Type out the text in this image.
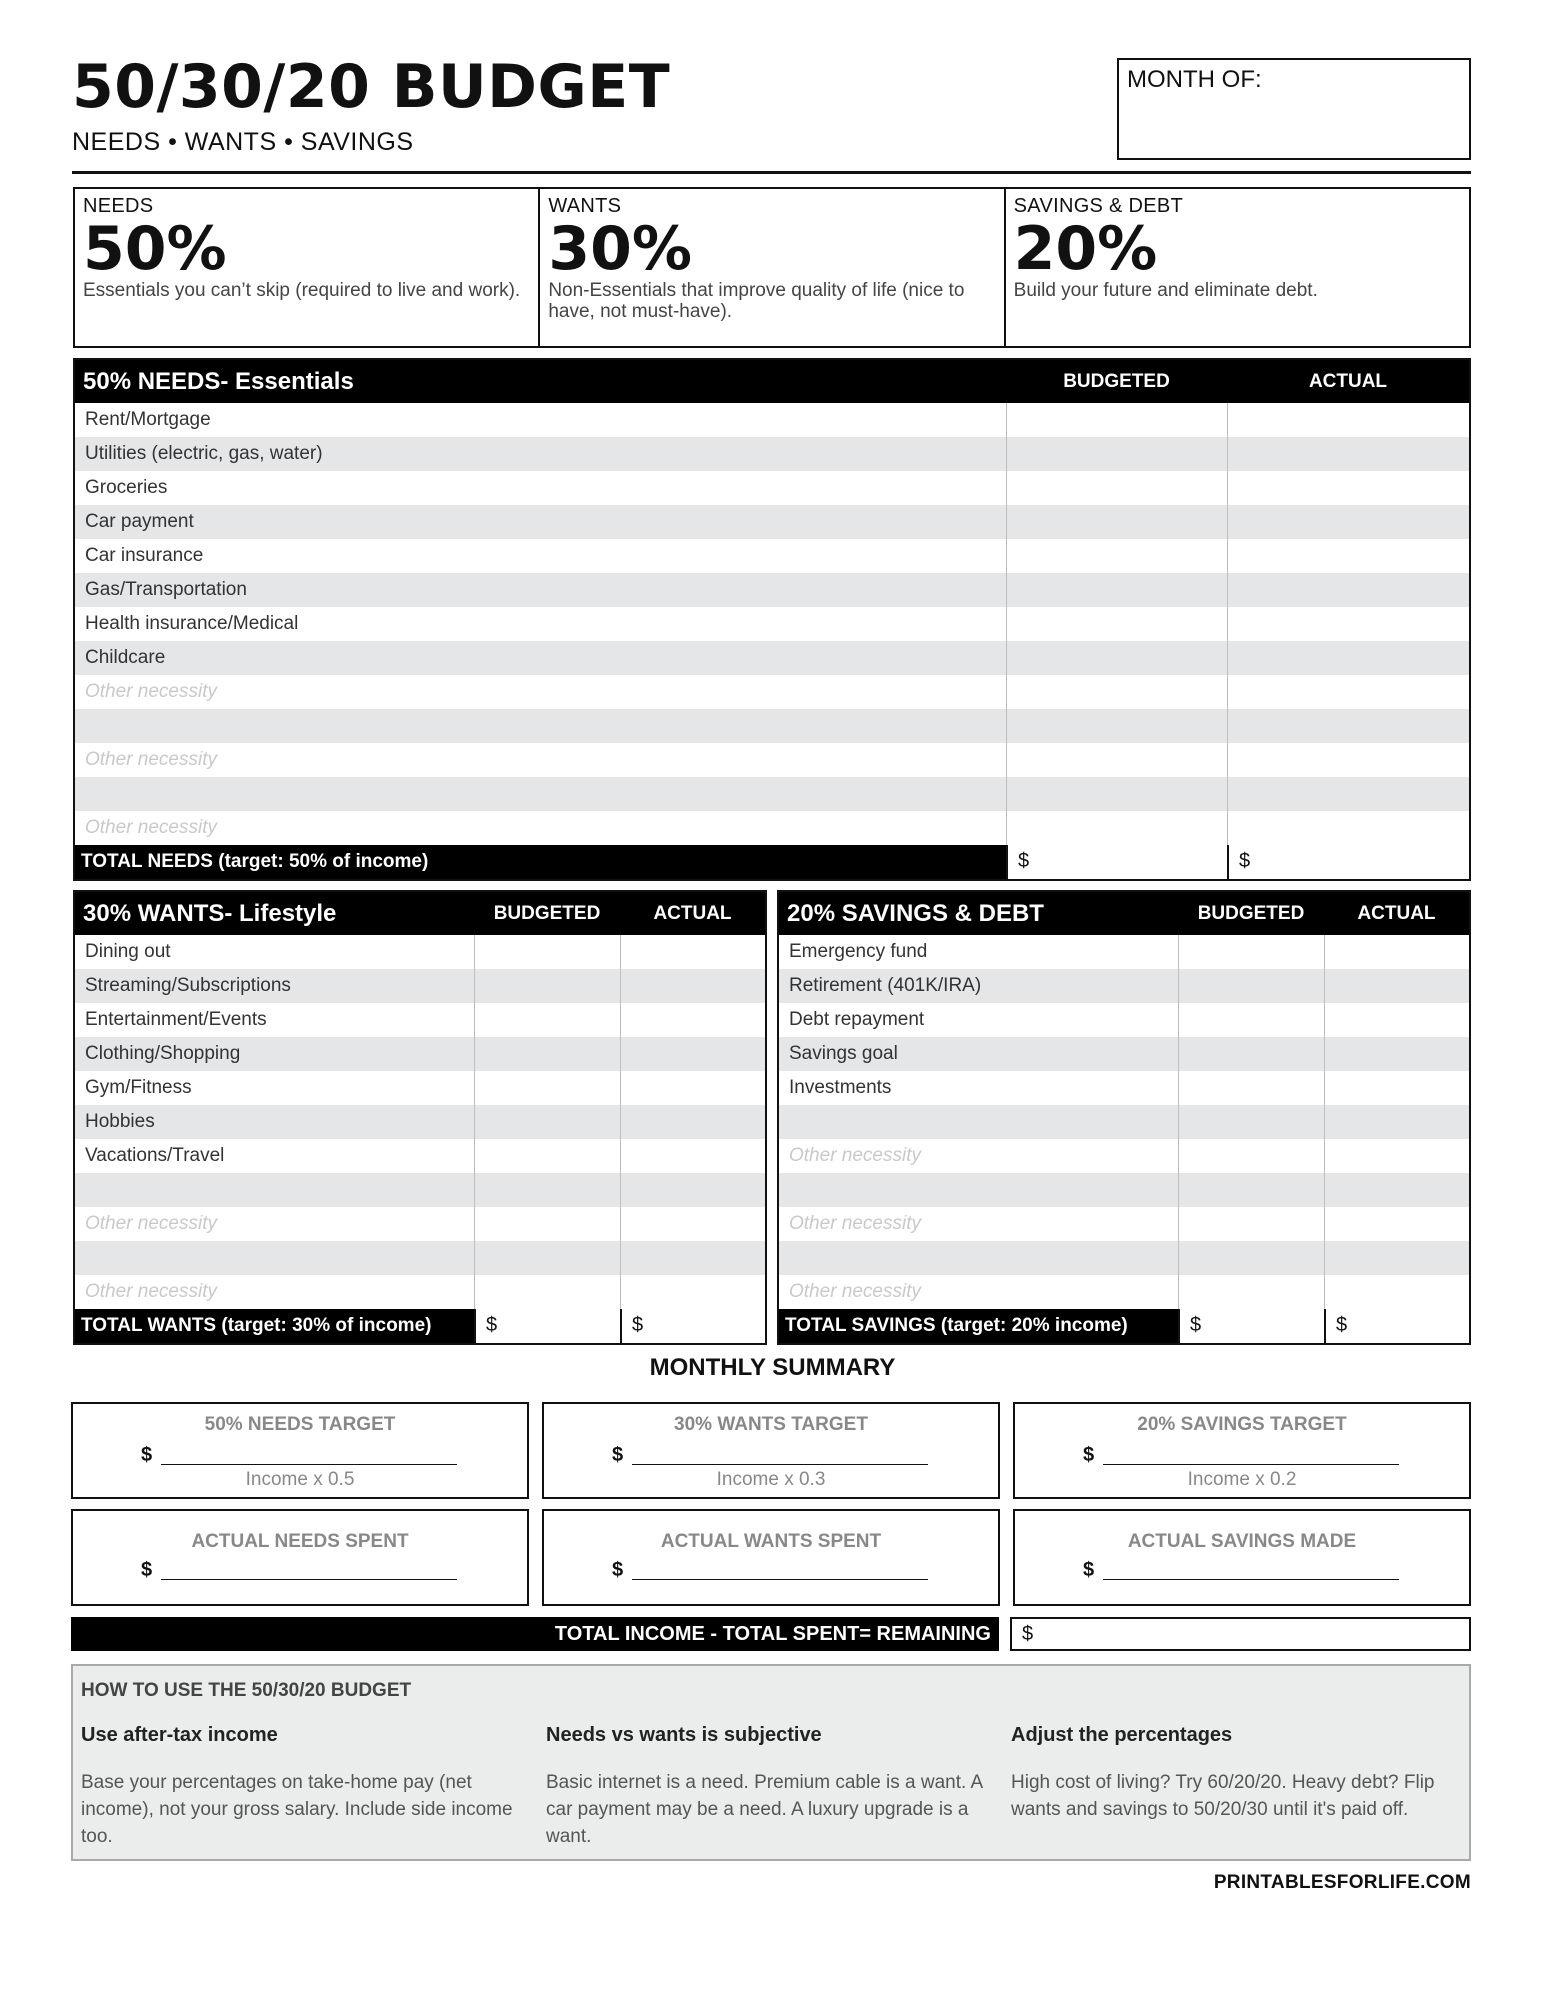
50/30/20 BUDGET
NEEDS • WANTS • SAVINGS
MONTH OF:
NEEDS
50%
Essentials you can’t skip (required to live and work).
WANTS
30%
Non-Essentials that improve quality of life (nice to have, not must-have).
SAVINGS & DEBT
20%
Build your future and eliminate debt.
50% NEEDS- Essentials	BUDGETED	ACTUAL
Rent/Mortgage
Utilities (electric, gas, water)
Groceries
Car payment
Car insurance
Gas/Transportation
Health insurance/Medical
Childcare
Other necessity
Other necessity
Other necessity
TOTAL NEEDS (target: 50% of income)	$	$
30% WANTS- Lifestyle	BUDGETED	ACTUAL
Dining out
Streaming/Subscriptions
Entertainment/Events
Clothing/Shopping
Gym/Fitness
Hobbies
Vacations/Travel
Other necessity
Other necessity
TOTAL WANTS (target: 30% of income)	$	$
20% SAVINGS & DEBT	BUDGETED	ACTUAL
Emergency fund
Retirement (401K/IRA)
Debt repayment
Savings goal
Investments
Other necessity
Other necessity
Other necessity
TOTAL SAVINGS (target: 20% income)	$	$
MONTHLY SUMMARY
50% NEEDS TARGET
$
Income x 0.5
30% WANTS TARGET
$
Income x 0.3
20% SAVINGS TARGET
$
Income x 0.2
ACTUAL NEEDS SPENT
$
ACTUAL WANTS SPENT
$
ACTUAL SAVINGS MADE
$
TOTAL INCOME - TOTAL SPENT= REMAINING	$
HOW TO USE THE 50/30/20 BUDGET
Use after-tax income
Base your percentages on take-home pay (net income), not your gross salary. Include side income too.
Needs vs wants is subjective
Basic internet is a need. Premium cable is a want. A car payment may be a need. A luxury upgrade is a want.
Adjust the percentages
High cost of living? Try 60/20/20. Heavy debt? Flip wants and savings to 50/20/30 until it's paid off.
PRINTABLESFORLIFE.COM
